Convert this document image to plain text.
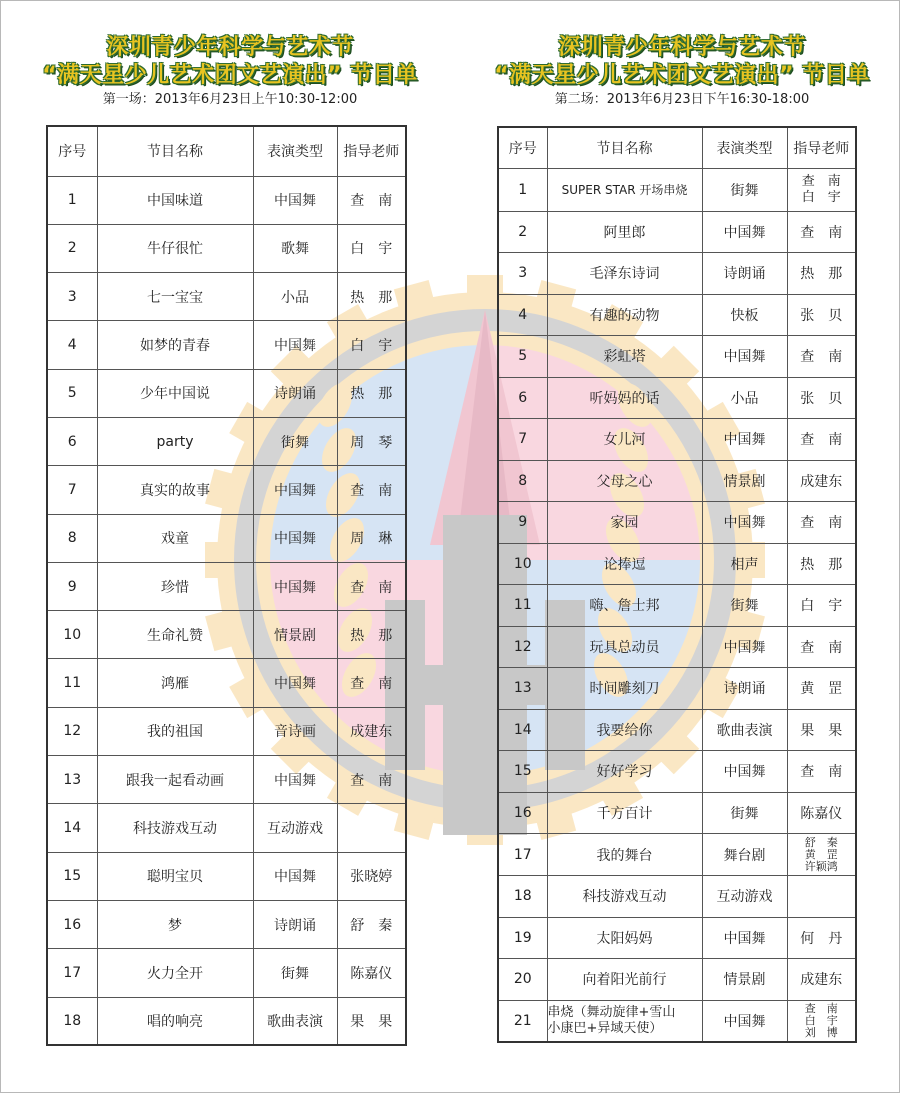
深圳青少年科学与艺术节
“满天星少儿艺术团文艺演出” 节目单
第一场：2013年6月23日上午10:30-12:00
深圳青少年科学与艺术节
“满天星少儿艺术团文艺演出” 节目单
第二场：2013年6月23日下午16:30-18:00
序号	节目名称	表演类型	指导老师
1	中国味道	中国舞	查　南
2	牛仔很忙	歌舞	白　宇
3	七一宝宝	小品	热　那
4	如梦的青春	中国舞	白　宇
5	少年中国说	诗朗诵	热　那
6	party	街舞	周　琴
7	真实的故事	中国舞	查　南
8	戏童	中国舞	周　琳
9	珍惜	中国舞	查　南
10	生命礼赞	情景剧	热　那
11	鸿雁	中国舞	查　南
12	我的祖国	音诗画	成建东
13	跟我一起看动画	中国舞	查　南
14	科技游戏互动	互动游戏	
15	聪明宝贝	中国舞	张晓婷
16	梦	诗朗诵	舒　秦
17	火力全开	街舞	陈嘉仪
18	唱的响亮	歌曲表演	果　果
序号	节目名称	表演类型	指导老师
1	SUPER STAR 开场串烧	街舞	查　南
白　宇

2	阿里郎	中国舞	查　南
3	毛泽东诗词	诗朗诵	热　那
4	有趣的动物	快板	张　贝
5	彩虹塔	中国舞	查　南
6	听妈妈的话	小品	张　贝
7	女儿河	中国舞	查　南
8	父母之心	情景剧	成建东
9	家园	中国舞	查　南
10	论捧逗	相声	热　那
11	嗨、詹士邦	街舞	白　宇
12	玩具总动员	中国舞	查　南
13	时间雕刻刀	诗朗诵	黄　罡
14	我要给你	歌曲表演	果　果
15	好好学习	中国舞	查　南
16	千方百计	街舞	陈嘉仪
17	我的舞台	舞台剧	舒　秦
黄　罡
许颖鸿

18	科技游戏互动	互动游戏	
19	太阳妈妈	中国舞	何　丹
20	向着阳光前行	情景剧	成建东
21	串烧（舞动旋律+雪山
小康巴+异域天使）	中国舞	查　南
白　宇
刘　博
